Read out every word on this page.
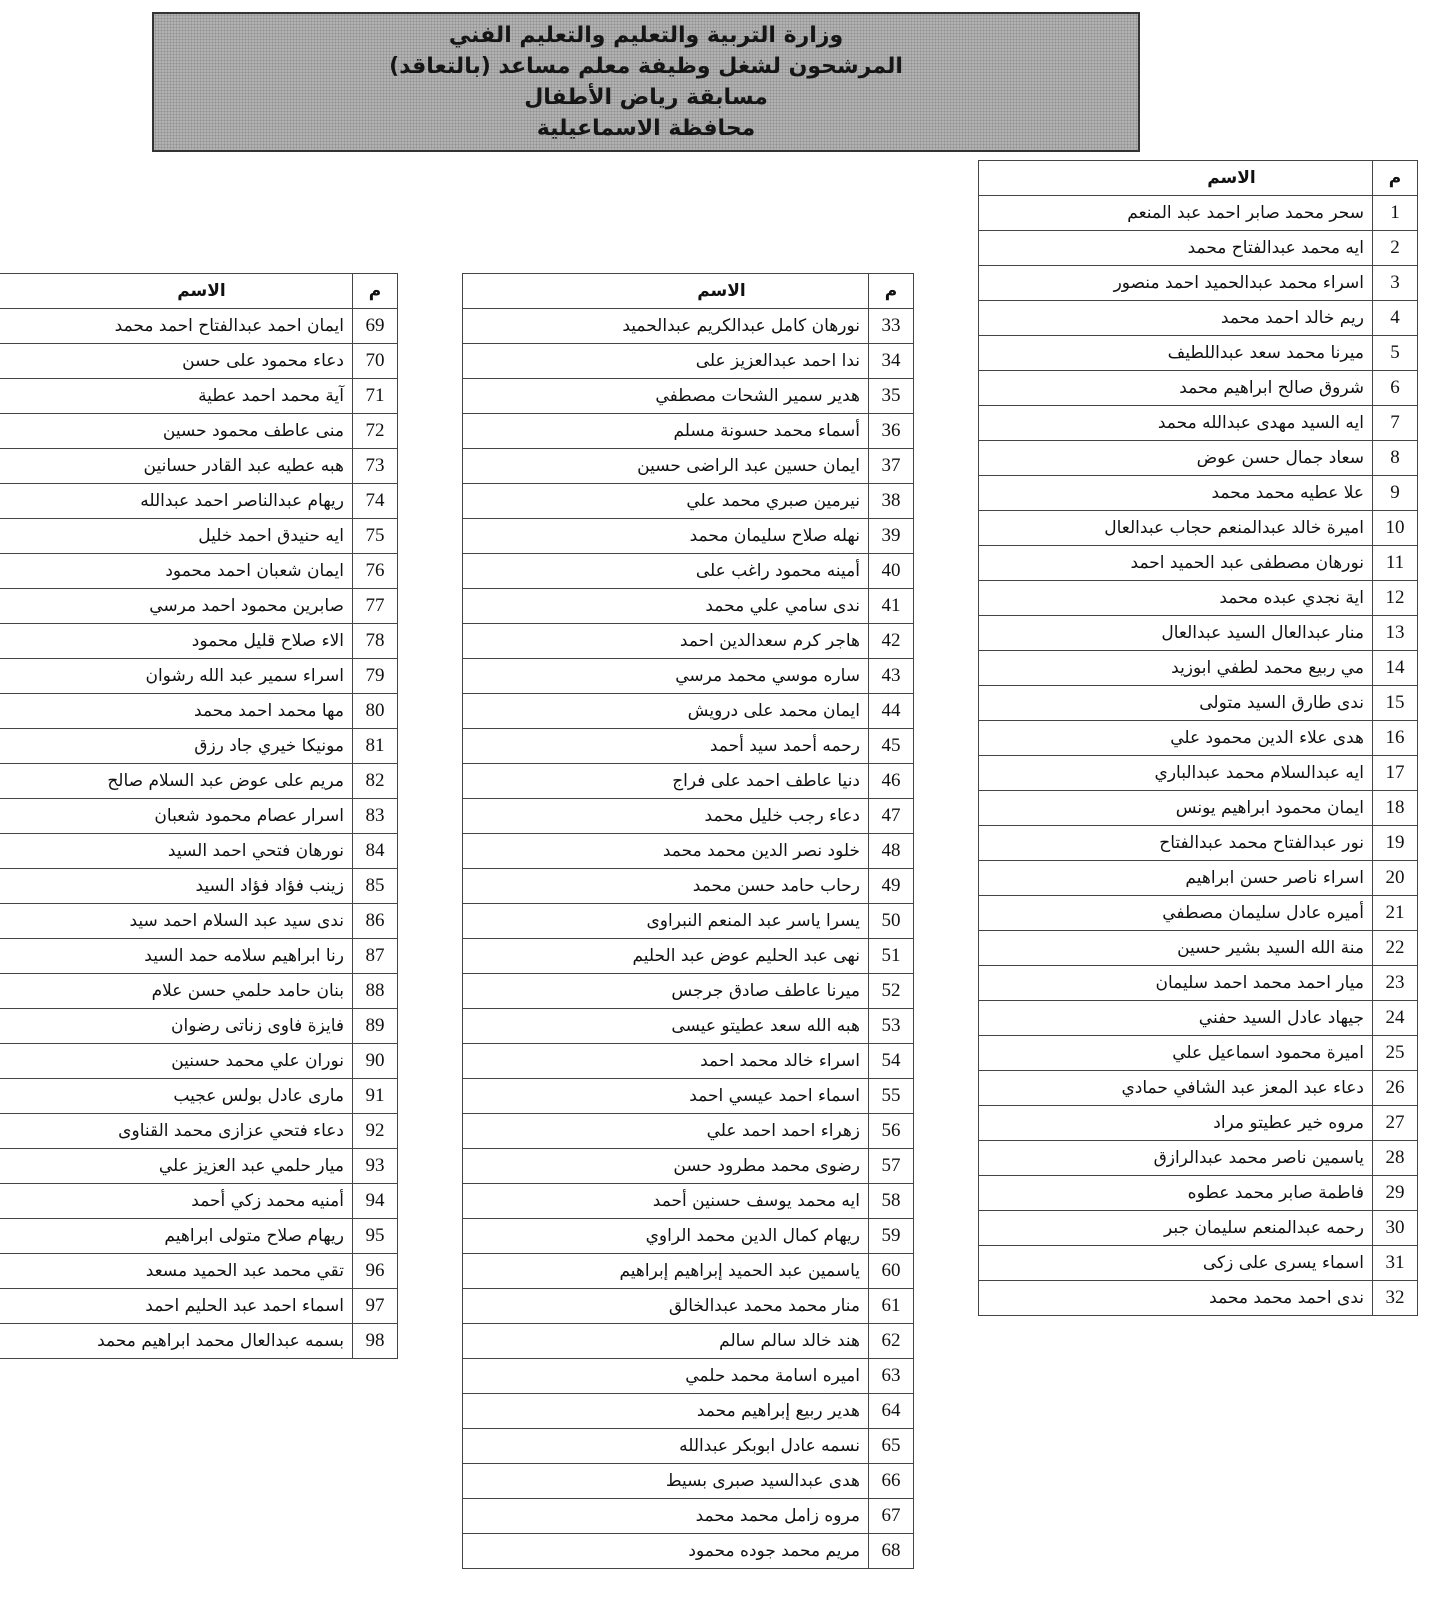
وزارة التربية والتعليم والتعليم الفني
المرشحون لشغل وظيفة معلم مساعد (بالتعاقد)
مسابقة رياض الأطفال
محافظة الاسماعيلية
م	الاسم
1	سحر محمد صابر احمد عبد المنعم
2	ايه محمد عبدالفتاح محمد
3	اسراء محمد عبدالحميد احمد منصور
4	ريم خالد احمد محمد
5	ميرنا محمد سعد عبداللطيف
6	شروق صالح ابراهيم محمد
7	ايه السيد مهدى عبدالله محمد
8	سعاد جمال حسن عوض
9	علا عطيه محمد محمد
10	اميرة خالد عبدالمنعم حجاب عبدالعال
11	نورهان مصطفى عبد الحميد احمد
12	اية نجدي عبده محمد
13	منار عبدالعال السيد عبدالعال
14	مي ربيع محمد لطفي ابوزيد
15	ندى طارق السيد متولى
16	هدى علاء الدين محمود علي
17	ايه عبدالسلام محمد عبدالباري
18	ايمان محمود ابراهيم يونس
19	نور عبدالفتاح محمد عبدالفتاح
20	اسراء ناصر حسن ابراهيم
21	أميره عادل سليمان مصطفي
22	منة الله السيد بشير حسين
23	ميار احمد محمد احمد سليمان
24	جيهاد عادل السيد حفني
25	اميرة محمود اسماعيل علي
26	دعاء عبد المعز عبد الشافي حمادي
27	مروه خير عطيتو مراد
28	ياسمين ناصر محمد عبدالرازق
29	فاطمة صابر محمد عطوه
30	رحمه عبدالمنعم سليمان جبر
31	اسماء يسرى على زكى
32	ندى احمد محمد محمد
م	الاسم
33	نورهان كامل عبدالكريم عبدالحميد
34	ندا احمد عبدالعزيز على
35	هدير سمير الشحات مصطفي
36	أسماء محمد حسونة مسلم
37	ايمان حسين عبد الراضى حسين
38	نيرمين صبري محمد علي
39	نهله صلاح سليمان محمد
40	أمينه محمود راغب على
41	ندى سامي علي محمد
42	هاجر كرم سعدالدين احمد
43	ساره موسي محمد مرسي
44	ايمان محمد على درويش
45	رحمه أحمد سيد أحمد
46	دنيا عاطف احمد على فراج
47	دعاء رجب خليل محمد
48	خلود نصر الدين محمد محمد
49	رحاب حامد حسن محمد
50	يسرا ياسر عبد المنعم النبراوى
51	نهى عبد الحليم عوض عبد الحليم
52	ميرنا عاطف صادق جرجس
53	هبه الله سعد عطيتو عيسى
54	اسراء خالد محمد احمد
55	اسماء احمد عيسي احمد
56	زهراء احمد احمد علي
57	رضوى محمد مطرود حسن
58	ايه محمد يوسف حسنين أحمد
59	ريهام كمال الدين محمد الراوي
60	ياسمين عبد الحميد إبراهيم إبراهيم
61	منار محمد محمد عبدالخالق
62	هند خالد سالم سالم
63	اميره اسامة محمد حلمي
64	هدير ربيع إبراهيم محمد
65	نسمه عادل ابوبكر عبدالله
66	هدى عبدالسيد صبرى بسيط
67	مروه زامل محمد محمد
68	مريم محمد جوده محمود
م	الاسم
69	ايمان احمد عبدالفتاح احمد محمد
70	دعاء محمود على حسن
71	آية محمد احمد عطية
72	منى عاطف محمود حسين
73	هبه عطيه عبد القادر حسانين
74	ريهام عبدالناصر احمد عبدالله
75	ايه حنيدق احمد خليل
76	ايمان شعبان احمد محمود
77	صابرين محمود احمد مرسي
78	الاء صلاح قليل محمود
79	اسراء سمير عبد الله رشوان
80	مها محمد احمد محمد
81	مونيكا خيري جاد رزق
82	مريم على عوض عبد السلام صالح
83	اسرار عصام محمود شعبان
84	نورهان فتحي احمد السيد
85	زينب فؤاد فؤاد السيد
86	ندى سيد عبد السلام احمد سيد
87	رنا ابراهيم سلامه حمد السيد
88	بنان حامد حلمي حسن علام
89	فايزة فاوى زناتى رضوان
90	نوران علي محمد حسنين
91	مارى عادل بولس عجيب
92	دعاء فتحي عزازى محمد القناوى
93	ميار حلمي عبد العزيز علي
94	أمنيه محمد زكي أحمد
95	ريهام صلاح متولى ابراهيم
96	تقي محمد عبد الحميد مسعد
97	اسماء احمد عبد الحليم احمد
98	بسمه عبدالعال محمد ابراهيم محمد
